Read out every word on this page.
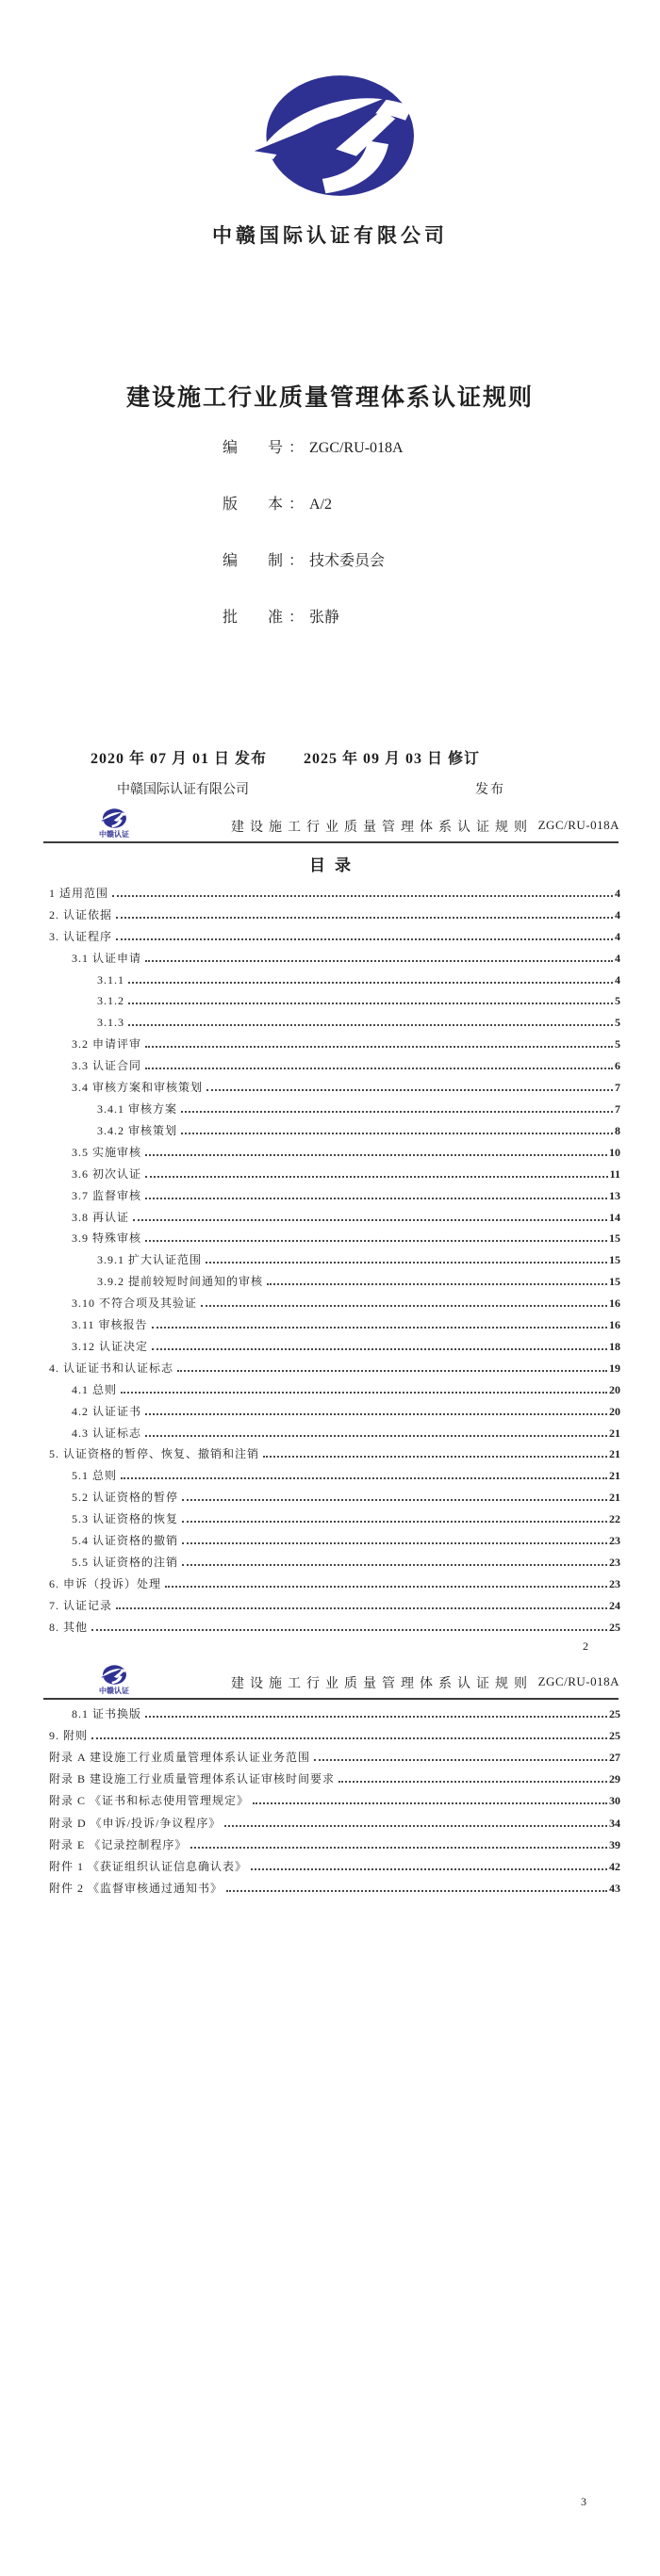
中赣国际认证有限公司
建设施工行业质量管理体系认证规则
编　　号 ： ZGC/RU-018A
版　　本 ： A/2
编　　制 ： 技术委员会
批　　准 ： 张静
2020 年 07 月 01 日 发布 2025 年 09 月 03 日 修订
中赣国际认证有限公司	发布
中赣认证	建设施工行业质量管理体系认证规则 ZGC/RU-018A
目录
1 适用范围	4
2. 认证依据	4
3. 认证程序	4
3.1 认证申请	4
3.1.1	4
3.1.2	5
3.1.3	5
3.2 申请评审	5
3.3 认证合同	6
3.4 审核方案和审核策划	7
3.4.1 审核方案	7
3.4.2 审核策划	8
3.5 实施审核	10
3.6 初次认证	11
3.7 监督审核	13
3.8 再认证	14
3.9 特殊审核	15
3.9.1 扩大认证范围	15
3.9.2 提前较短时间通知的审核	15
3.10 不符合项及其验证	16
3.11 审核报告	16
3.12 认证决定	18
4. 认证证书和认证标志	19
4.1 总则	20
4.2 认证证书	20
4.3 认证标志	21
5. 认证资格的暂停、恢复、撤销和注销	21
5.1 总则	21
5.2 认证资格的暂停	21
5.3 认证资格的恢复	22
5.4 认证资格的撤销	23
5.5 认证资格的注销	23
6. 申诉（投诉）处理	23
7. 认证记录	24
8. 其他	25
2
中赣认证	建设施工行业质量管理体系认证规则 ZGC/RU-018A
8.1 证书换版	25
9. 附则	25
附录 A 建设施工行业质量管理体系认证业务范围	27
附录 B 建设施工行业质量管理体系认证审核时间要求	29
附录 C 《证书和标志使用管理规定》	30
附录 D 《申诉/投诉/争议程序》	34
附录 E 《记录控制程序》	39
附件 1 《获证组织认证信息确认表》	42
附件 2 《监督审核通过通知书》	43
3
